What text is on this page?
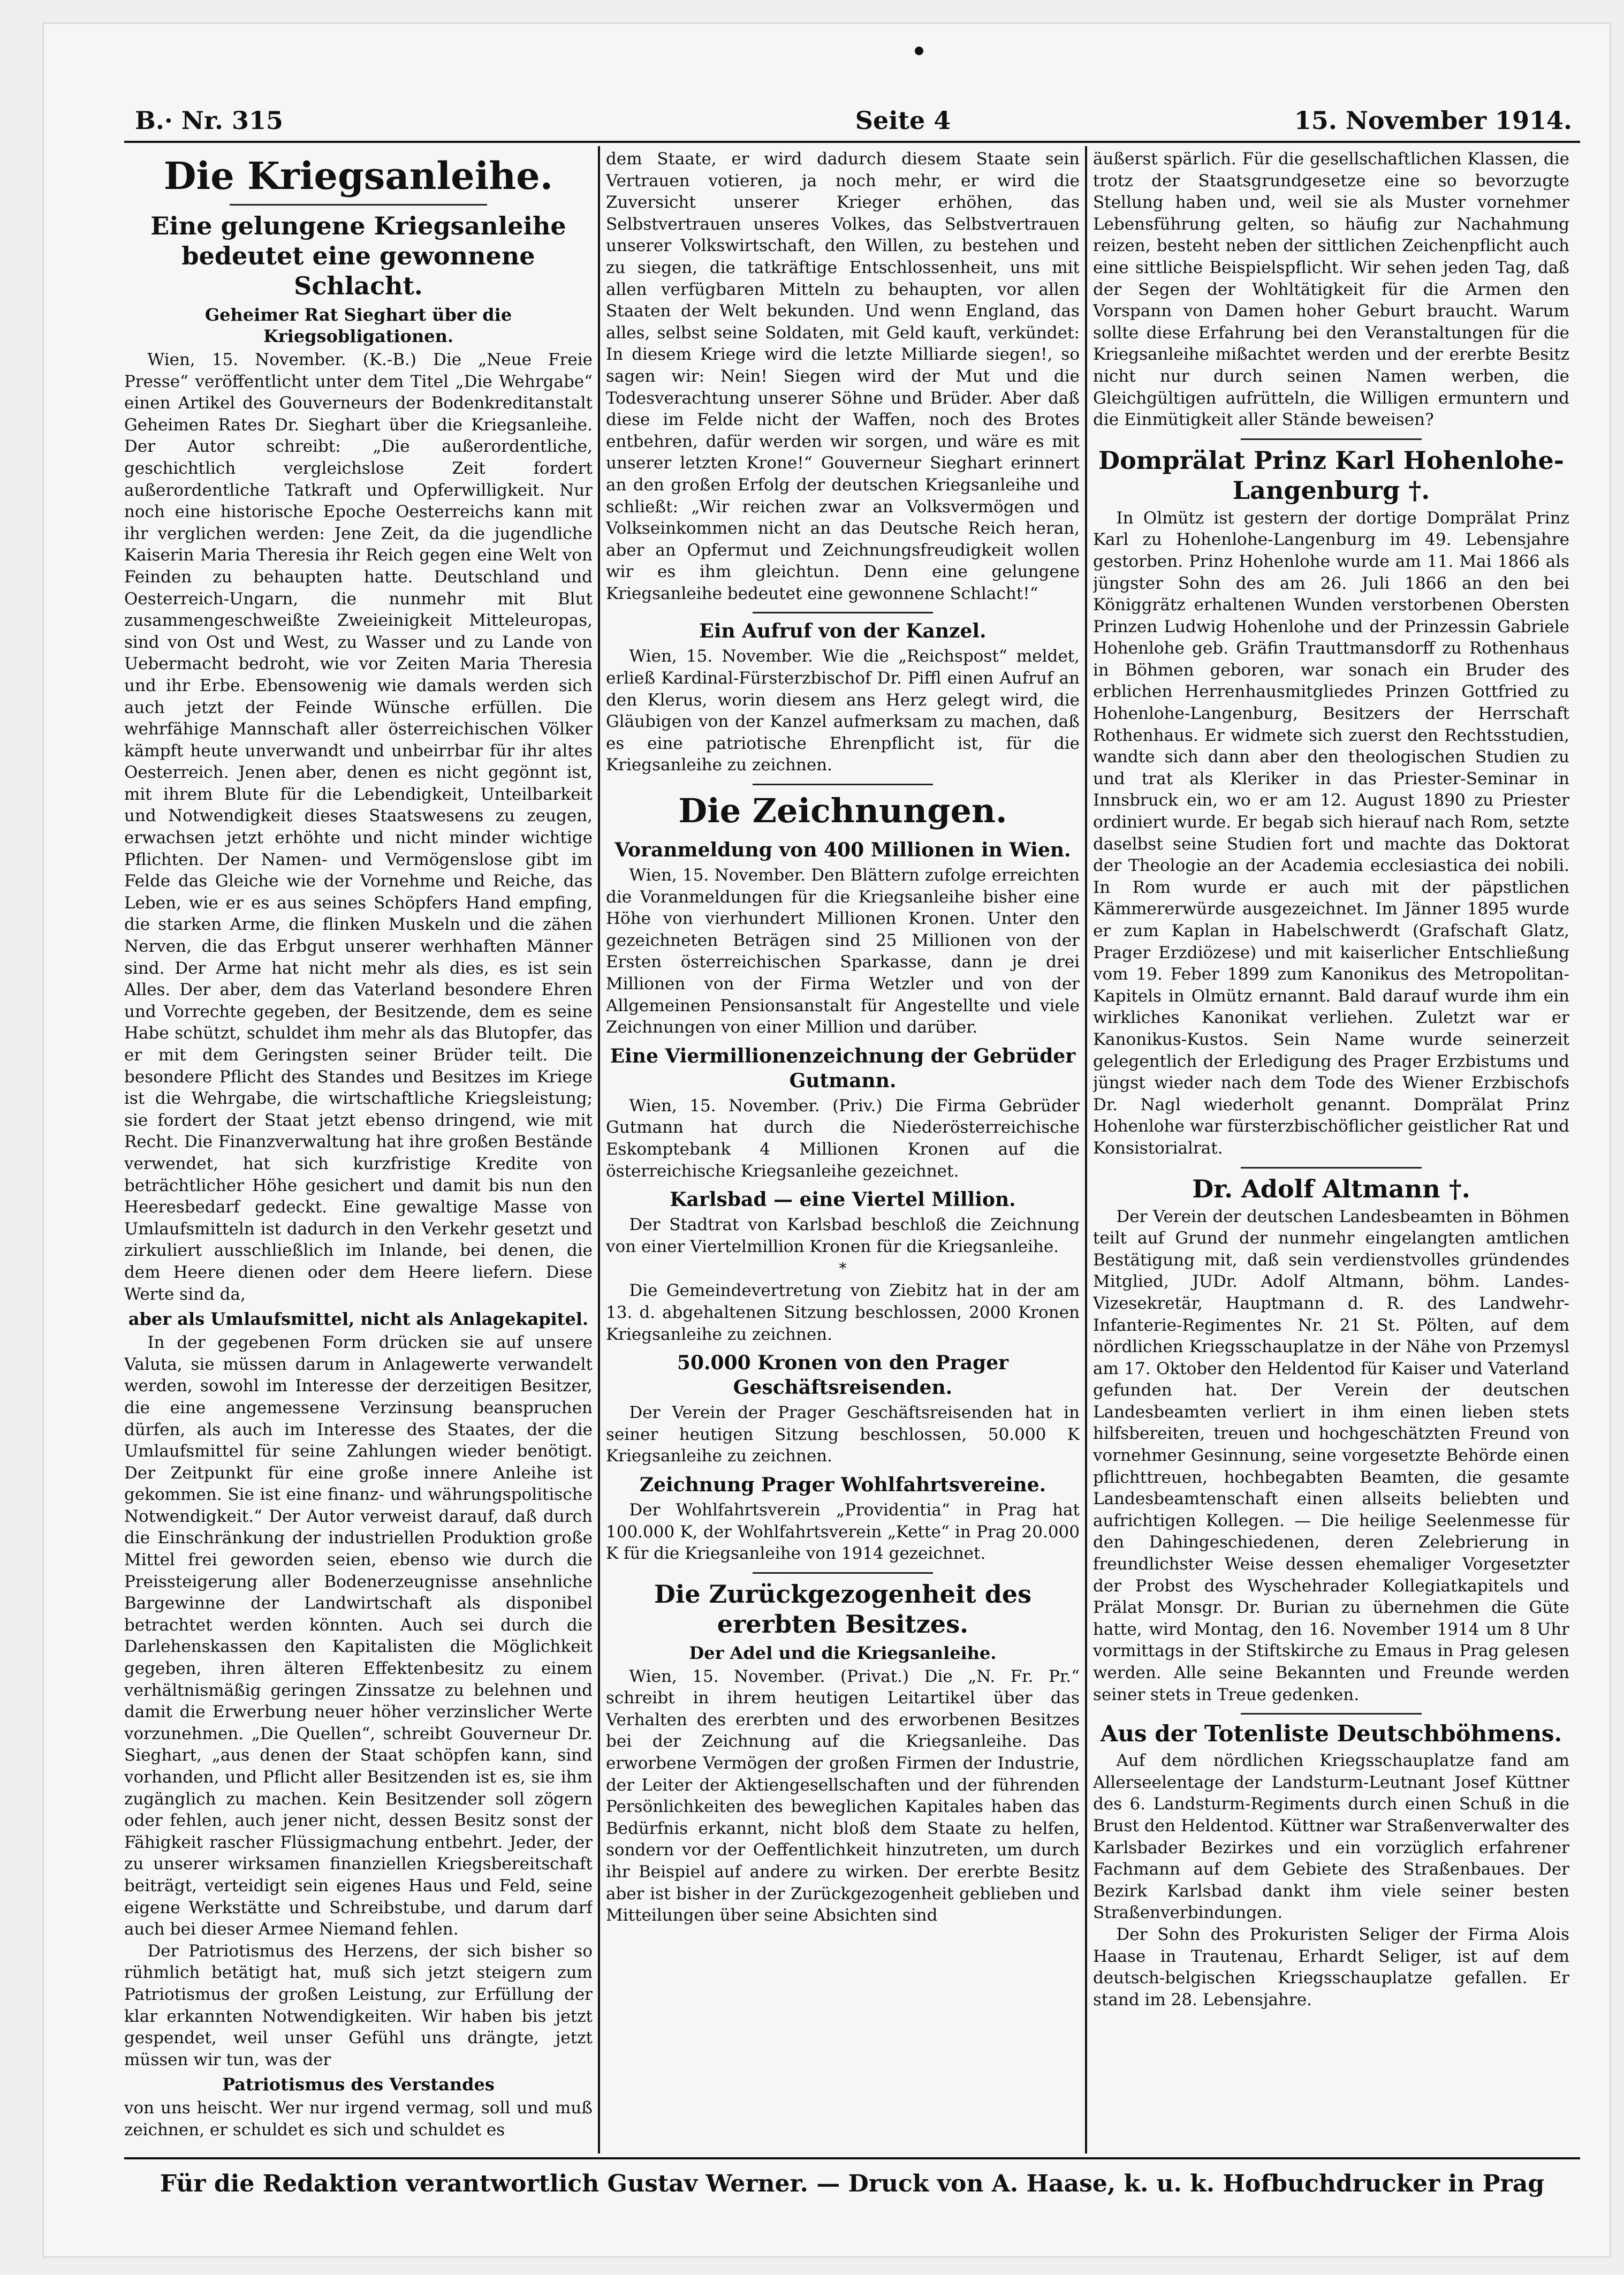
B.· Nr. 315	Seite 4	15. November 1914.
Die Kriegsanleihe.
Eine gelungene Kriegsanleihe bedeutet eine gewonnene Schlacht.
Geheimer Rat Sieghart über die Kriegsobligationen.

Wien, 15. November. (K.-B.) Die „Neue Freie Presse“ veröffentlicht unter dem Titel „Die Wehrgabe“ einen Artikel des Gouverneurs der Bodenkreditanstalt Geheimen Rates Dr. Sieghart über die Kriegsanleihe. Der Autor schreibt: „Die außerordentliche, geschichtlich vergleichslose Zeit fordert außerordentliche Tatkraft und Opferwilligkeit. Nur noch eine historische Epoche Oesterreichs kann mit ihr verglichen werden: Jene Zeit, da die jugendliche Kaiserin Maria Theresia ihr Reich gegen eine Welt von Feinden zu behaupten hatte. Deutschland und Oesterreich-Ungarn, die nunmehr mit Blut zusammengeschweißte Zweieinigkeit Mitteleuropas, sind von Ost und West, zu Wasser und zu Lande von Uebermacht bedroht, wie vor Zeiten Maria Theresia und ihr Erbe. Ebensowenig wie damals werden sich auch jetzt der Feinde Wünsche erfüllen. Die wehrfähige Mannschaft aller österreichischen Völker kämpft heute unverwandt und unbeirrbar für ihr altes Oesterreich. Jenen aber, denen es nicht gegönnt ist, mit ihrem Blute für die Lebendigkeit, Unteilbarkeit und Notwendigkeit dieses Staatswesens zu zeugen, erwachsen jetzt erhöhte und nicht minder wichtige Pflichten. Der Namen- und Vermögenslose gibt im Felde das Gleiche wie der Vornehme und Reiche, das Leben, wie er es aus seines Schöpfers Hand empfing, die starken Arme, die flinken Muskeln und die zähen Nerven, die das Erbgut unserer werhhaften Männer sind. Der Arme hat nicht mehr als dies, es ist sein Alles. Der aber, dem das Vaterland besondere Ehren und Vorrechte gegeben, der Besitzende, dem es seine Habe schützt, schuldet ihm mehr als das Blutopfer, das er mit dem Geringsten seiner Brüder teilt. Die besondere Pflicht des Standes und Besitzes im Kriege ist die Wehrgabe, die wirtschaftliche Kriegsleistung; sie fordert der Staat jetzt ebenso dringend, wie mit Recht. Die Finanzverwaltung hat ihre großen Bestände verwendet, hat sich kurzfristige Kredite von beträchtlicher Höhe gesichert und damit bis nun den Heeresbedarf gedeckt. Eine gewaltige Masse von Umlaufsmitteln ist dadurch in den Verkehr gesetzt und zirkuliert ausschließlich im Inlande, bei denen, die dem Heere dienen oder dem Heere liefern. Diese Werte sind da,

aber als Umlaufsmittel, nicht als Anlagekapitel.

In der gegebenen Form drücken sie auf unsere Valuta, sie müssen darum in Anlagewerte verwandelt werden, sowohl im Interesse der derzeitigen Besitzer, die eine angemessene Verzinsung beanspruchen dürfen, als auch im Interesse des Staates, der die Umlaufsmittel für seine Zahlungen wieder benötigt. Der Zeitpunkt für eine große innere Anleihe ist gekommen. Sie ist eine finanz- und währungspolitische Notwendigkeit.“ Der Autor verweist darauf, daß durch die Einschränkung der industriellen Produktion große Mittel frei geworden seien, ebenso wie durch die Preissteigerung aller Bodenerzeugnisse ansehnliche Bargewinne der Landwirtschaft als disponibel betrachtet werden könnten. Auch sei durch die Darlehenskassen den Kapitalisten die Möglichkeit gegeben, ihren älteren Effektenbesitz zu einem verhältnismäßig geringen Zinssatze zu belehnen und damit die Erwerbung neuer höher verzinslicher Werte vorzunehmen. „Die Quellen“, schreibt Gouverneur Dr. Sieghart, „aus denen der Staat schöpfen kann, sind vorhanden, und Pflicht aller Besitzenden ist es, sie ihm zugänglich zu machen. Kein Besitzender soll zögern oder fehlen, auch jener nicht, dessen Besitz sonst der Fähigkeit rascher Flüssigmachung entbehrt. Jeder, der zu unserer wirksamen finanziellen Kriegsbereitschaft beiträgt, verteidigt sein eigenes Haus und Feld, seine eigene Werkstätte und Schreibstube, und darum darf auch bei dieser Armee Niemand fehlen.

Der Patriotismus des Herzens, der sich bisher so rühmlich betätigt hat, muß sich jetzt steigern zum Patriotismus der großen Leistung, zur Erfüllung der klar erkannten Notwendigkeiten. Wir haben bis jetzt gespendet, weil unser Gefühl uns drängte, jetzt müssen wir tun, was der

Patriotismus des Verstandes

von uns heischt. Wer nur irgend vermag, soll und muß zeichnen, er schuldet es sich und schuldet es

dem Staate, er wird dadurch diesem Staate sein Vertrauen votieren, ja noch mehr, er wird die Zuversicht unserer Krieger erhöhen, das Selbstvertrauen unseres Volkes, das Selbstvertrauen unserer Volkswirtschaft, den Willen, zu bestehen und zu siegen, die tatkräftige Entschlossenheit, uns mit allen verfügbaren Mitteln zu behaupten, vor allen Staaten der Welt bekunden. Und wenn England, das alles, selbst seine Soldaten, mit Geld kauft, verkündet: In diesem Kriege wird die letzte Milliarde siegen!, so sagen wir: Nein! Siegen wird der Mut und die Todesverachtung unserer Söhne und Brüder. Aber daß diese im Felde nicht der Waffen, noch des Brotes entbehren, dafür werden wir sorgen, und wäre es mit unserer letzten Krone!“ Gouverneur Sieghart erinnert an den großen Erfolg der deutschen Kriegsanleihe und schließt: „Wir reichen zwar an Volksvermögen und Volkseinkommen nicht an das Deutsche Reich heran, aber an Opfermut und Zeichnungsfreudigkeit wollen wir es ihm gleichtun. Denn eine gelungene Kriegsanleihe bedeutet eine gewonnene Schlacht!“

Ein Aufruf von der Kanzel.

Wien, 15. November. Wie die „Reichspost“ meldet, erließ Kardinal-Fürsterzbischof Dr. Piffl einen Aufruf an den Klerus, worin diesem ans Herz gelegt wird, die Gläubigen von der Kanzel aufmerksam zu machen, daß es eine patriotische Ehrenpflicht ist, für die Kriegsanleihe zu zeichnen.

Die Zeichnungen.
Voranmeldung von 400 Millionen in Wien.

Wien, 15. November. Den Blättern zufolge erreichten die Voranmeldungen für die Kriegsanleihe bisher eine Höhe von vierhundert Millionen Kronen. Unter den gezeichneten Beträgen sind 25 Millionen von der Ersten österreichischen Sparkasse, dann je drei Millionen von der Firma Wetzler und von der Allgemeinen Pensionsanstalt für Angestellte und viele Zeichnungen von einer Million und darüber.

Eine Viermillionenzeichnung der Gebrüder Gutmann.

Wien, 15. November. (Priv.) Die Firma Gebrüder Gutmann hat durch die Niederösterreichische Eskomptebank 4 Millionen Kronen auf die österreichische Kriegsanleihe gezeichnet.

Karlsbad — eine Viertel Million.

Der Stadtrat von Karlsbad beschloß die Zeichnung von einer Viertelmillion Kronen für die Kriegsanleihe.

*

Die Gemeindevertretung von Ziebitz hat in der am 13. d. abgehaltenen Sitzung beschlossen, 2000 Kronen Kriegsanleihe zu zeichnen.

50.000 Kronen von den Prager Geschäftsreisenden.

Der Verein der Prager Geschäftsreisenden hat in seiner heutigen Sitzung beschlossen, 50.000 K Kriegsanleihe zu zeichnen.

Zeichnung Prager Wohlfahrtsvereine.

Der Wohlfahrtsverein „Providentia“ in Prag hat 100.000 K, der Wohlfahrtsverein „Kette“ in Prag 20.000 K für die Kriegsanleihe von 1914 gezeichnet.

Die Zurückgezogenheit des ererbten Besitzes.
Der Adel und die Kriegsanleihe.

Wien, 15. November. (Privat.) Die „N. Fr. Pr.“ schreibt in ihrem heutigen Leitartikel über das Verhalten des ererbten und des erworbenen Besitzes bei der Zeichnung auf die Kriegsanleihe. Das erworbene Vermögen der großen Firmen der Industrie, der Leiter der Aktiengesellschaften und der führenden Persönlichkeiten des beweglichen Kapitales haben das Bedürfnis erkannt, nicht bloß dem Staate zu helfen, sondern vor der Oeffentlichkeit hinzutreten, um durch ihr Beispiel auf andere zu wirken. Der ererbte Besitz aber ist bisher in der Zurückgezogenheit geblieben und Mitteilungen über seine Absichten sind

äußerst spärlich. Für die gesellschaftlichen Klassen, die trotz der Staatsgrundgesetze eine so bevorzugte Stellung haben und, weil sie als Muster vornehmer Lebensführung gelten, so häufig zur Nachahmung reizen, besteht neben der sittlichen Zeichenpflicht auch eine sittliche Beispielspflicht. Wir sehen jeden Tag, daß der Segen der Wohltätigkeit für die Armen den Vorspann von Damen hoher Geburt braucht. Warum sollte diese Erfahrung bei den Veranstaltungen für die Kriegsanleihe mißachtet werden und der ererbte Besitz nicht nur durch seinen Namen werben, die Gleichgültigen aufrütteln, die Willigen ermuntern und die Einmütigkeit aller Stände beweisen?

Domprälat Prinz Karl Hohenlohe-Langenburg †.

In Olmütz ist gestern der dortige Domprälat Prinz Karl zu Hohenlohe-Langenburg im 49. Lebensjahre gestorben. Prinz Hohenlohe wurde am 11. Mai 1866 als jüngster Sohn des am 26. Juli 1866 an den bei Königgrätz erhaltenen Wunden verstorbenen Obersten Prinzen Ludwig Hohenlohe und der Prinzessin Gabriele Hohenlohe geb. Gräfin Trauttmansdorff zu Rothenhaus in Böhmen geboren, war sonach ein Bruder des erblichen Herrenhausmitgliedes Prinzen Gottfried zu Hohenlohe-Langenburg, Besitzers der Herrschaft Rothenhaus. Er widmete sich zuerst den Rechtsstudien, wandte sich dann aber den theologischen Studien zu und trat als Kleriker in das Priester-Seminar in Innsbruck ein, wo er am 12. August 1890 zu Priester ordiniert wurde. Er begab sich hierauf nach Rom, setzte daselbst seine Studien fort und machte das Doktorat der Theologie an der Academia ecclesiastica dei nobili. In Rom wurde er auch mit der päpstlichen Kämmererwürde ausgezeichnet. Im Jänner 1895 wurde er zum Kaplan in Habelschwerdt (Grafschaft Glatz, Prager Erzdiözese) und mit kaiserlicher Entschließung vom 19. Feber 1899 zum Kanonikus des Metropolitan-Kapitels in Olmütz ernannt. Bald darauf wurde ihm ein wirkliches Kanonikat verliehen. Zuletzt war er Kanonikus-Kustos. Sein Name wurde seinerzeit gelegentlich der Erledigung des Prager Erzbistums und jüngst wieder nach dem Tode des Wiener Erzbischofs Dr. Nagl wiederholt genannt. Domprälat Prinz Hohenlohe war fürsterzbischöflicher geistlicher Rat und Konsistorialrat.

Dr. Adolf Altmann †.

Der Verein der deutschen Landesbeamten in Böhmen teilt auf Grund der nunmehr eingelangten amtlichen Bestätigung mit, daß sein verdienstvolles gründendes Mitglied, JUDr. Adolf Altmann, böhm. Landes-Vizesekretär, Hauptmann d. R. des Landwehr-Infanterie-Regimentes Nr. 21 St. Pölten, auf dem nördlichen Kriegsschauplatze in der Nähe von Przemysl am 17. Oktober den Heldentod für Kaiser und Vaterland gefunden hat. Der Verein der deutschen Landesbeamten verliert in ihm einen lieben stets hilfsbereiten, treuen und hochgeschätzten Freund von vornehmer Gesinnung, seine vorgesetzte Behörde einen pflichttreuen, hochbegabten Beamten, die gesamte Landesbeamtenschaft einen allseits beliebten und aufrichtigen Kollegen. — Die heilige Seelenmesse für den Dahingeschiedenen, deren Zelebrierung in freundlichster Weise dessen ehemaliger Vorgesetzter der Probst des Wyschehrader Kollegiatkapitels und Prälat Monsgr. Dr. Burian zu übernehmen die Güte hatte, wird Montag, den 16. November 1914 um 8 Uhr vormittags in der Stiftskirche zu Emaus in Prag gelesen werden. Alle seine Bekannten und Freunde werden seiner stets in Treue gedenken.

Aus der Totenliste Deutschböhmens.

Auf dem nördlichen Kriegsschauplatze fand am Allerseelentage der Landsturm-Leutnant Josef Küttner des 6. Landsturm-Regiments durch einen Schuß in die Brust den Heldentod. Küttner war Straßenverwalter des Karlsbader Bezirkes und ein vorzüglich erfahrener Fachmann auf dem Gebiete des Straßenbaues. Der Bezirk Karlsbad dankt ihm viele seiner besten Straßenverbindungen.

Der Sohn des Prokuristen Seliger der Firma Alois Haase in Trautenau, Erhardt Seliger, ist auf dem deutsch-belgischen Kriegsschauplatze gefallen. Er stand im 28. Lebensjahre.

Für die Redaktion verantwortlich Gustav Werner. — Druck von A. Haase, k. u. k. Hofbuchdrucker in Prag
